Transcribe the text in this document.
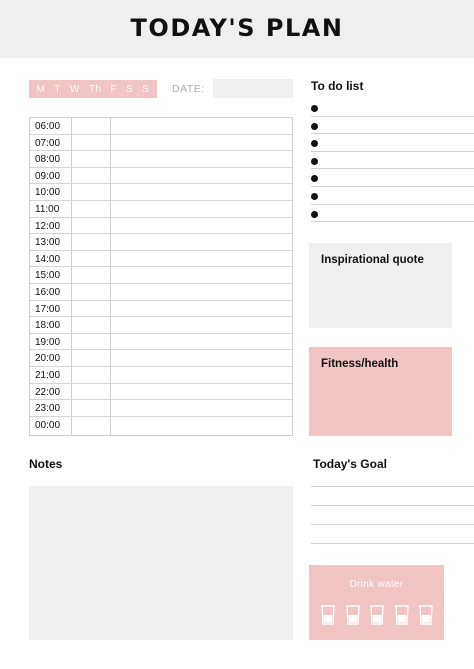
TODAY'S PLAN
M T W Th F S S DATE:
06:00
07:00
08:00
09:00
10:00
11:00
12:00
13:00
14:00
15:00
16:00
17:00
18:00
19:00
20:00
21:00
22:00
23:00
00:00
To do list
Inspirational quote
Fitness/health
Notes	Today's Goal
Drink water
